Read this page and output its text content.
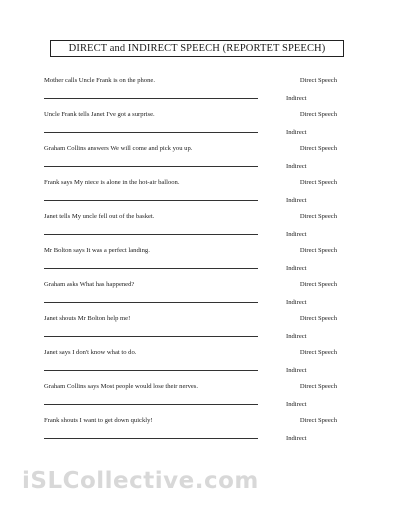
DIRECT and INDIRECT SPEECH (REPORTET SPEECH)
Mother calls Uncle Frank is on the phone.	Direct Speech
Indirect
Uncle Frank tells Janet I've got a surprise.	Direct Speech
Indirect
Graham Collins answers We will come and pick you up.	Direct Speech
Indirect
Frank says My niece is alone in the hot-air balloon.	Direct Speech
Indirect
Janet tells My uncle fell out of the basket.	Direct Speech
Indirect
Mr Bolton says It was a perfect landing.	Direct Speech
Indirect
Graham asks What has happened?	Direct Speech
Indirect
Janet shouts Mr Bolton help me!	Direct Speech
Indirect
Janet says I don't know what to do.	Direct Speech
Indirect
Graham Collins says Most people would lose their nerves.	Direct Speech
Indirect
Frank shouts I want to get down quickly!	Direct Speech
Indirect
iSLCollective.com
